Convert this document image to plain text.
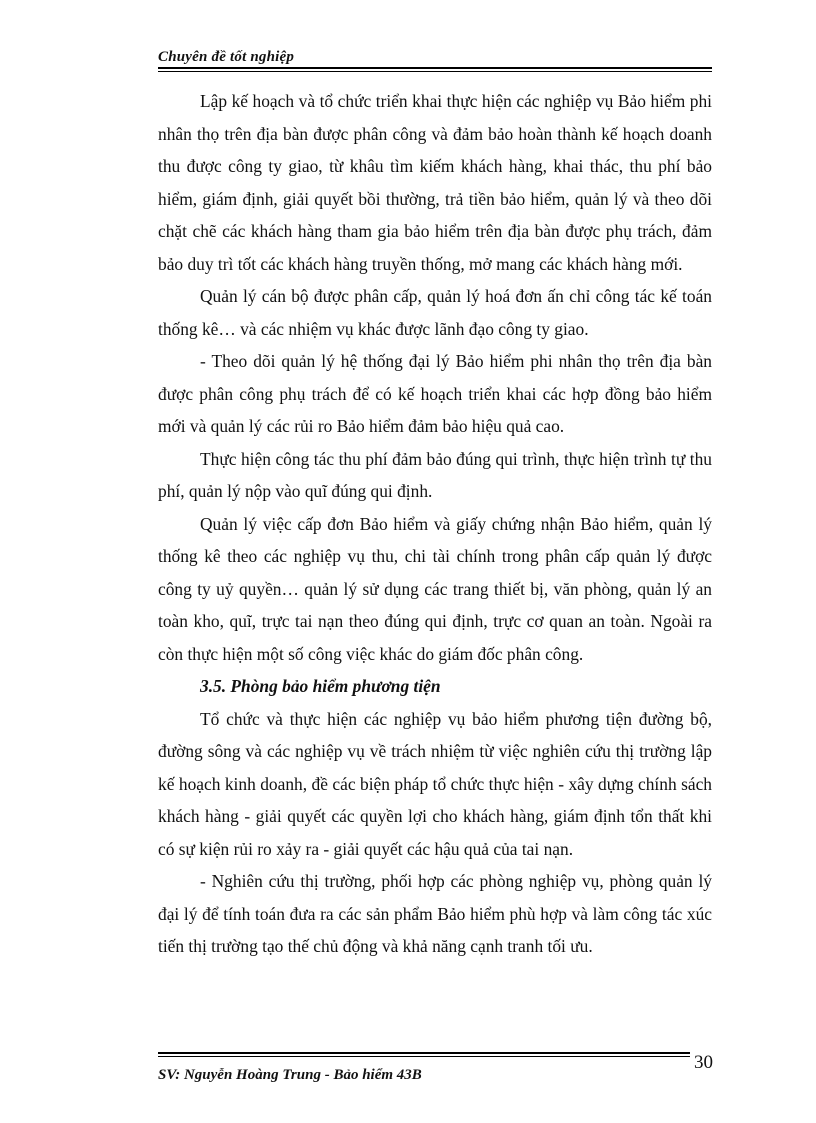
Chuyên đề tốt nghiệp

Lập kế hoạch và tổ chức triển khai thực hiện các nghiệp vụ Bảo hiểm phi nhân thọ trên địa bàn được phân công và đảm bảo hoàn thành kế hoạch doanh thu được công ty giao, từ khâu tìm kiếm khách hàng, khai thác, thu phí bảo hiểm, giám định, giải quyết bồi thường, trả tiền bảo hiểm, quản lý và theo dõi chặt chẽ các khách hàng tham gia bảo hiểm trên địa bàn được phụ trách, đảm bảo duy trì tốt các khách hàng truyền thống, mở mang các khách hàng mới.

Quản lý cán bộ được phân cấp, quản lý hoá đơn ấn chỉ công tác kế toán thống kê… và các nhiệm vụ khác được lãnh đạo công ty giao.

- Theo dõi quản lý hệ thống đại lý Bảo hiểm phi nhân thọ trên địa bàn được phân công phụ trách để có kế hoạch triển khai các hợp đồng bảo hiểm mới và quản lý các rủi ro Bảo hiểm đảm bảo hiệu quả cao.

Thực hiện công tác thu phí đảm bảo đúng qui trình, thực hiện trình tự thu phí, quản lý nộp vào quĩ đúng qui định.

Quản lý việc cấp đơn Bảo hiểm và giấy chứng nhận Bảo hiểm, quản lý thống kê theo các nghiệp vụ thu, chi tài chính trong phân cấp quản lý được công ty uỷ quyền… quản lý sử dụng các trang thiết bị, văn phòng, quản lý an toàn kho, quĩ, trực tai nạn theo đúng qui định, trực cơ quan an toàn. Ngoài ra còn thực hiện một số công việc khác do giám đốc phân công.

3.5. Phòng bảo hiểm phương tiện

Tổ chức và thực hiện các nghiệp vụ bảo hiểm phương tiện đường bộ, đường sông và các nghiệp vụ về trách nhiệm từ việc nghiên cứu thị trường lập kế hoạch kinh doanh, đề các biện pháp tổ chức thực hiện - xây dựng chính sách khách hàng - giải quyết các quyền lợi cho khách hàng, giám định tổn thất khi có sự kiện rủi ro xảy ra - giải quyết các hậu quả của tai nạn.

- Nghiên cứu thị trường, phối hợp các phòng nghiệp vụ, phòng quản lý đại lý để tính toán đưa ra các sản phẩm Bảo hiểm phù hợp và làm công tác xúc tiến thị trường tạo thế chủ động và khả năng cạnh tranh tối ưu.

SV: Nguyễn Hoàng Trung - Bảo hiểm 43B
30
